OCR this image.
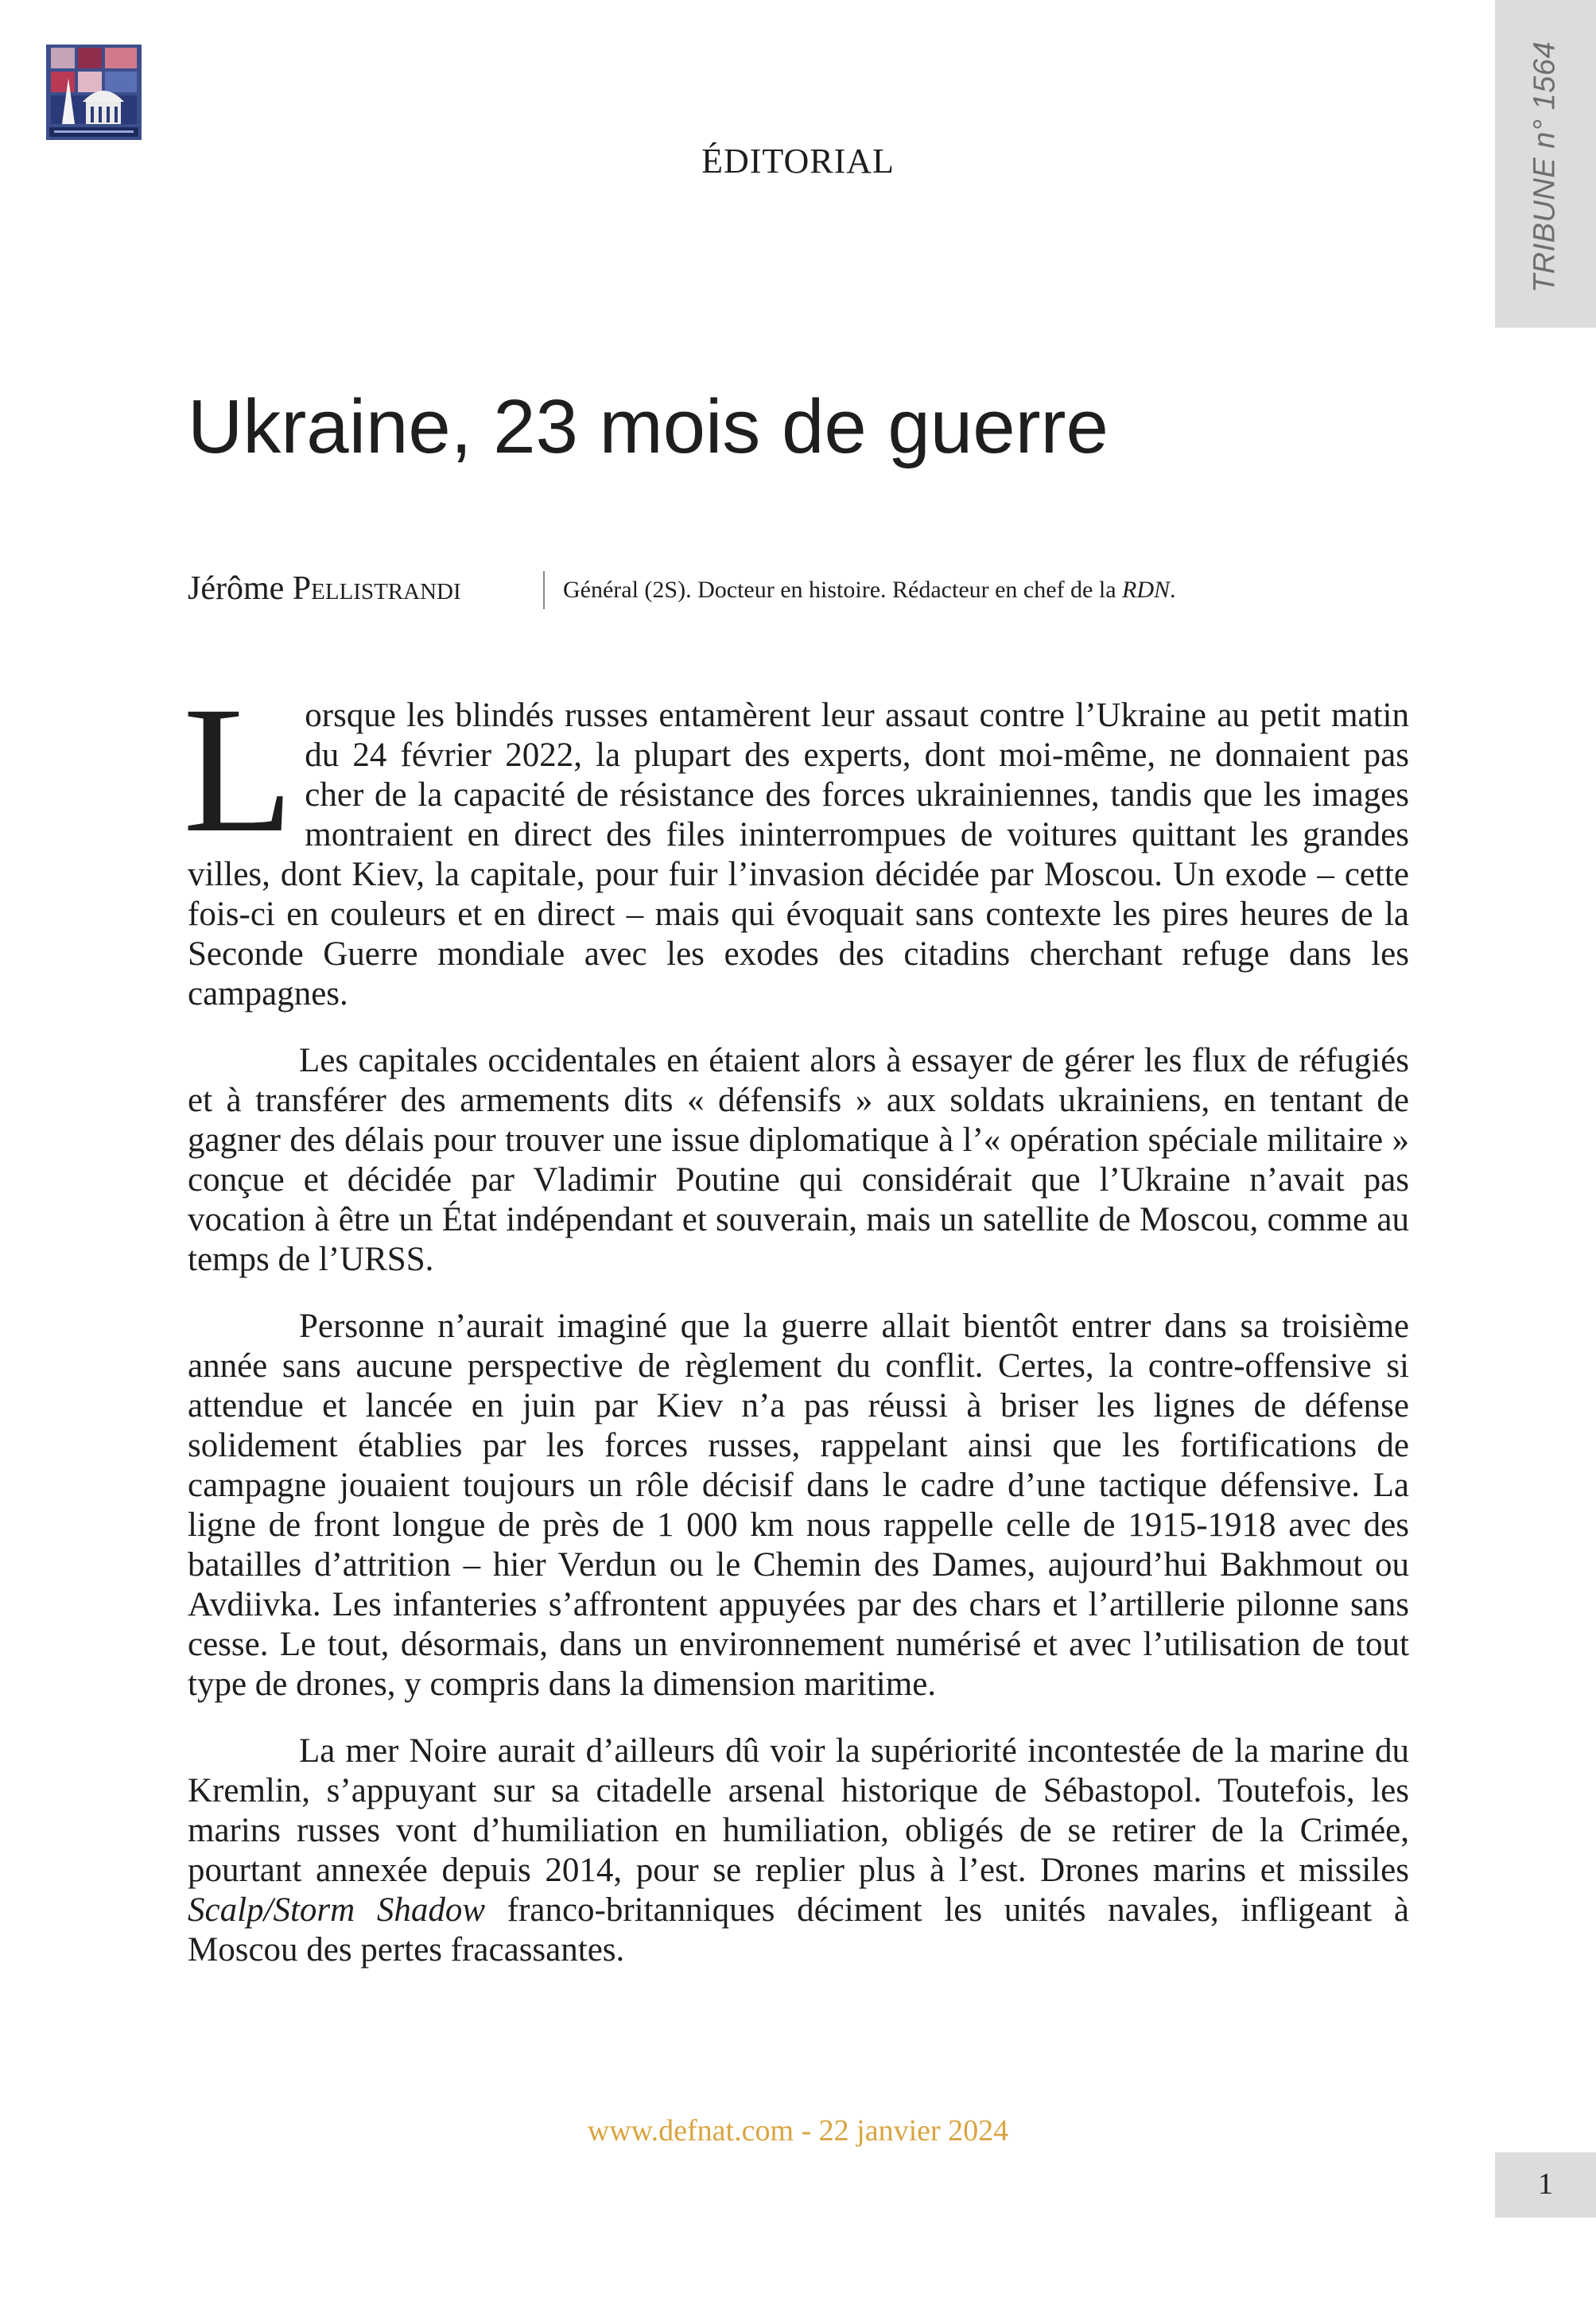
TRIBUNE n° 1564
ÉDITORIAL
Ukraine, 23 mois de guerre
Jérôme Pellistrandi	Général (2S). Docteur en histoire. Rédacteur en chef de la RDN.

Lorsque les blindés russes entamèrent leur assaut contre l’Ukraine au petit matin du 24 février 2022, la plupart des experts, dont moi-même, ne donnaient pas cher de la capacité de résistance des forces ukrainiennes, tandis que les images montraient en direct des files ininterrompues de voitures quittant les grandes villes, dont Kiev, la capitale, pour fuir l’invasion décidée par Moscou. Un exode – cette fois-ci en couleurs et en direct – mais qui évoquait sans contexte les pires heures de la Seconde Guerre mondiale avec les exodes des citadins cherchant refuge dans les campagnes.

Les capitales occidentales en étaient alors à essayer de gérer les flux de réfugiés et à transférer des armements dits « défensifs » aux soldats ukrainiens, en tentant de gagner des délais pour trouver une issue diplomatique à l’« opération spéciale militaire » conçue et décidée par Vladimir Poutine qui considérait que l’Ukraine n’avait pas vocation à être un État indépendant et souverain, mais un satellite de Moscou, comme au temps de l’URSS.

Personne n’aurait imaginé que la guerre allait bientôt entrer dans sa troisième année sans aucune perspective de règlement du conflit. Certes, la contre-offensive si attendue et lancée en juin par Kiev n’a pas réussi à briser les lignes de défense solidement établies par les forces russes, rappelant ainsi que les fortifications de campagne jouaient toujours un rôle décisif dans le cadre d’une tactique défensive. La ligne de front longue de près de 1 000 km nous rappelle celle de 1915-1918 avec des batailles d’attrition – hier Verdun ou le Chemin des Dames, aujourd’hui Bakhmout ou Avdiivka. Les infanteries s’affrontent appuyées par des chars et l’artillerie pilonne sans cesse. Le tout, désormais, dans un environnement numérisé et avec l’utilisation de tout type de drones, y compris dans la dimension maritime.

La mer Noire aurait d’ailleurs dû voir la supériorité incontestée de la marine du Kremlin, s’appuyant sur sa citadelle arsenal historique de Sébastopol. Toutefois, les marins russes vont d’humiliation en humiliation, obligés de se retirer de la Crimée, pourtant annexée depuis 2014, pour se replier plus à l’est. Drones marins et missiles Scalp/Storm Shadow franco-britanniques déciment les unités navales, infligeant à Moscou des pertes fracassantes.

www.defnat.com - 22 janvier 2024
1
